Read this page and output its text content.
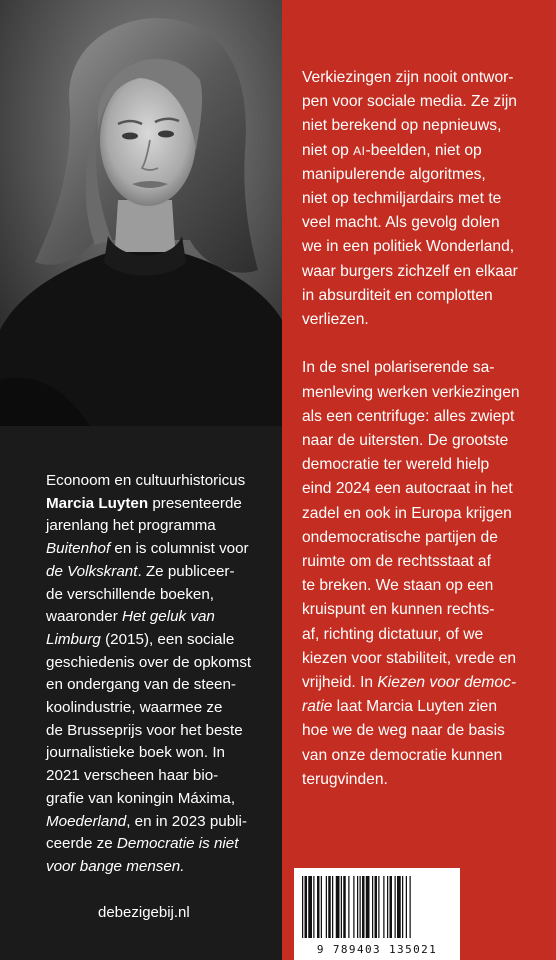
Econoom en cultuurhistoricus
Marcia Luyten presenteerde
jarenlang het programma
Buitenhof en is columnist voor
de Volkskrant. Ze publiceer-
de verschillende boeken,
waaronder Het geluk van
Limburg (2015), een sociale
geschiedenis over de opkomst
en ondergang van de steen-
koolindustrie, waarmee ze
de Brusseprijs voor het beste
journalistieke boek won. In
2021 verscheen haar bio-
grafie van koningin Máxima,
Moederland, en in 2023 publi-
ceerde ze Democratie is niet
voor bange mensen.
debezigebij.nl
Verkiezingen zijn nooit ontwor-
pen voor sociale media. Ze zijn
niet berekend op nepnieuws,
niet op AI-beelden, niet op
manipulerende algoritmes,
niet op techmiljardairs met te
veel macht. Als gevolg dolen
we in een politiek Wonderland,
waar burgers zichzelf en elkaar
in absurditeit en complotten
verliezen.
In de snel polariserende sa-
menleving werken verkiezingen
als een centrifuge: alles zwiept
naar de uitersten. De grootste
democratie ter wereld hielp
eind 2024 een autocraat in het
zadel en ook in Europa krijgen
ondemocratische partijen de
ruimte om de rechtsstaat af
te breken. We staan op een
kruispunt en kunnen rechts-
af, richting dictatuur, of we
kiezen voor stabiliteit, vrede en
vrijheid. In Kiezen voor democ-
ratie laat Marcia Luyten zien
hoe we de weg naar de basis
van onze democratie kunnen
terugvinden.
9 789403 135021
